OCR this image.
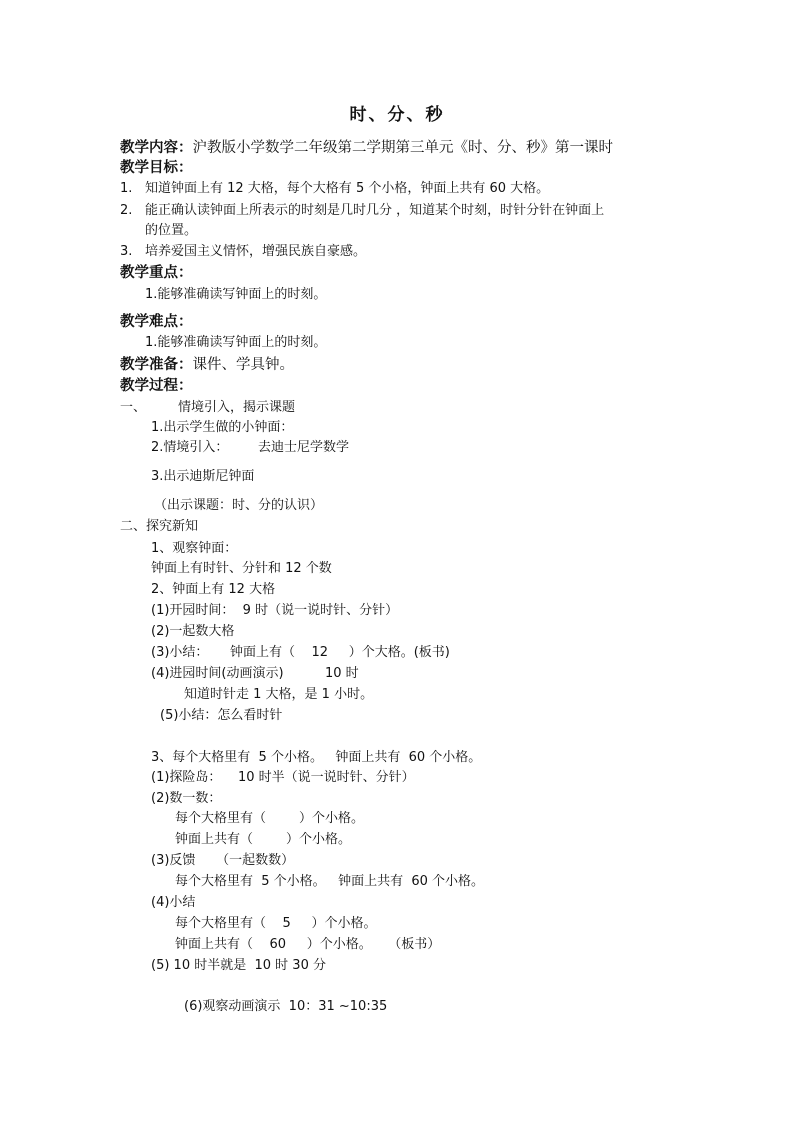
时、分、秒
教学内容：沪教版小学数学二年级第二学期第三单元《时、分、秒》第一课时
教学目标：
1. 知道钟面上有 12 大格，每个大格有 5 个小格，钟面上共有 60 大格。
2. 能正确认读钟面上所表示的时刻是几时几分 ，知道某个时刻，时针分针在钟面上
的位置。
3. 培养爱国主义情怀，增强民族自豪感。
教学重点：
1.能够准确读写钟面上的时刻。
教学难点：
1.能够准确读写钟面上的时刻。
教学准备：课件、学具钟。
教学过程：
一、 情境引入，揭示课题
1.出示学生做的小钟面：
2.情境引入： 去迪士尼学数学
3.出示迪斯尼钟面
（出示课题：时、分的认识）
二、探究新知
1、观察钟面：
钟面上有时针、分针和 12 个数
2、钟面上有 12 大格
(1)开园时间：  9 时（说一说时针、分针）
(2)一起数大格
(3)小结： 钟面上有（    12     ）个大格。(板书)
(4)进园时间(动画演示)	10 时
知道时针走 1 大格，是 1 小时。
(5)小结：怎么看时针
3、每个大格里有  5 个小格。   钟面上共有  60 个小格。
(1)探险岛：    10 时半（说一说时针、分针）
(2)数一数：
每个大格里有（        ）个小格。
钟面上共有（        ）个小格。
(3)反馈     （一起数数）
每个大格里有  5 个小格。   钟面上共有  60 个小格。
(4)小结
每个大格里有（    5     ）个小格。
钟面上共有（    60     ）个小格。    （板书）
(5) 10 时半就是  10 时 30 分
(6)观察动画演示  10：31 ~10:35
